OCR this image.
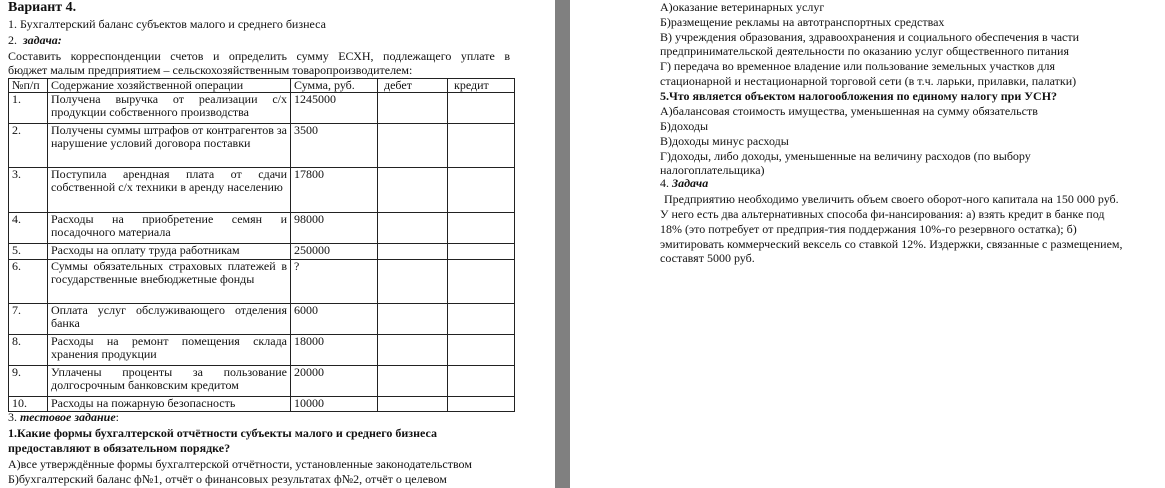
Вариант 4.
1. Бухгалтерский баланс субъектов малого и среднего бизнеса
2. задача:
Составить корреспонденции счетов и определить сумму ЕСХН, подлежащего уплате в
бюджет малым предприятием – сельскохозяйственным товаропроизводителем:
№п/п	Содержание хозяйственной операции	Сумма, руб.	дебет	кредит
1.	Получена выручка от реализации с/х продукции собственного производства	1245000		
2.	Получены суммы штрафов от контрагентов за нарушение условий договора поставки	3500		
3.	Поступила арендная плата от сдачи собственной с/х техники в аренду населению	17800		
4.	Расходы на приобретение семян и посадочного материала	98000		
5.	Расходы на оплату труда работникам	250000		
6.	Суммы обязательных страховых платежей в государственные внебюджетные фонды	?		
7.	Оплата услуг обслуживающего отделения банка	6000		
8.	Расходы на ремонт помещения склада хранения продукции	18000		
9.	Уплачены проценты за пользование долгосрочным банковским кредитом	20000		
10.	Расходы на пожарную безопасность	10000		
3. тестовое задание:
1.Какие формы бухгалтерской отчётности субъекты малого и среднего бизнеса
предоставляют в обязательном порядке?
А)все утверждённые формы бухгалтерской отчётности, установленные законодательством
Б)бухгалтерский баланс ф№1, отчёт о финансовых результатах ф№2, отчёт о целевом
А)оказание ветеринарных услуг
Б)размещение рекламы на автотранспортных средствах
В) учреждения образования, здравоохранения и социального обеспечения в части
предпринимательской деятельности по оказанию услуг общественного питания
Г) передача во временное владение или пользование земельных участков для
стационарной и нестационарной торговой сети (в т.ч. ларьки, прилавки, палатки)
5.Что является объектом налогообложения по единому налогу при УСН?
А)балансовая стоимость имущества, уменьшенная на сумму обязательств
Б)доходы
В)доходы минус расходы
Г)доходы, либо доходы, уменьшенные на величину расходов (по выбору
налогоплательщика)
4. Задача
Предприятию необходимо увеличить объем своего оборот-ного капитала на 150 000 руб.
У него есть два альтернативных способа фи-нансирования: а) взять кредит в банке под
18% (это потребует от предприя-тия поддержания 10%-го резервного остатка); б)
эмитировать коммерческий вексель со ставкой 12%. Издержки, связанные с размещением,
составят 5000 руб.
